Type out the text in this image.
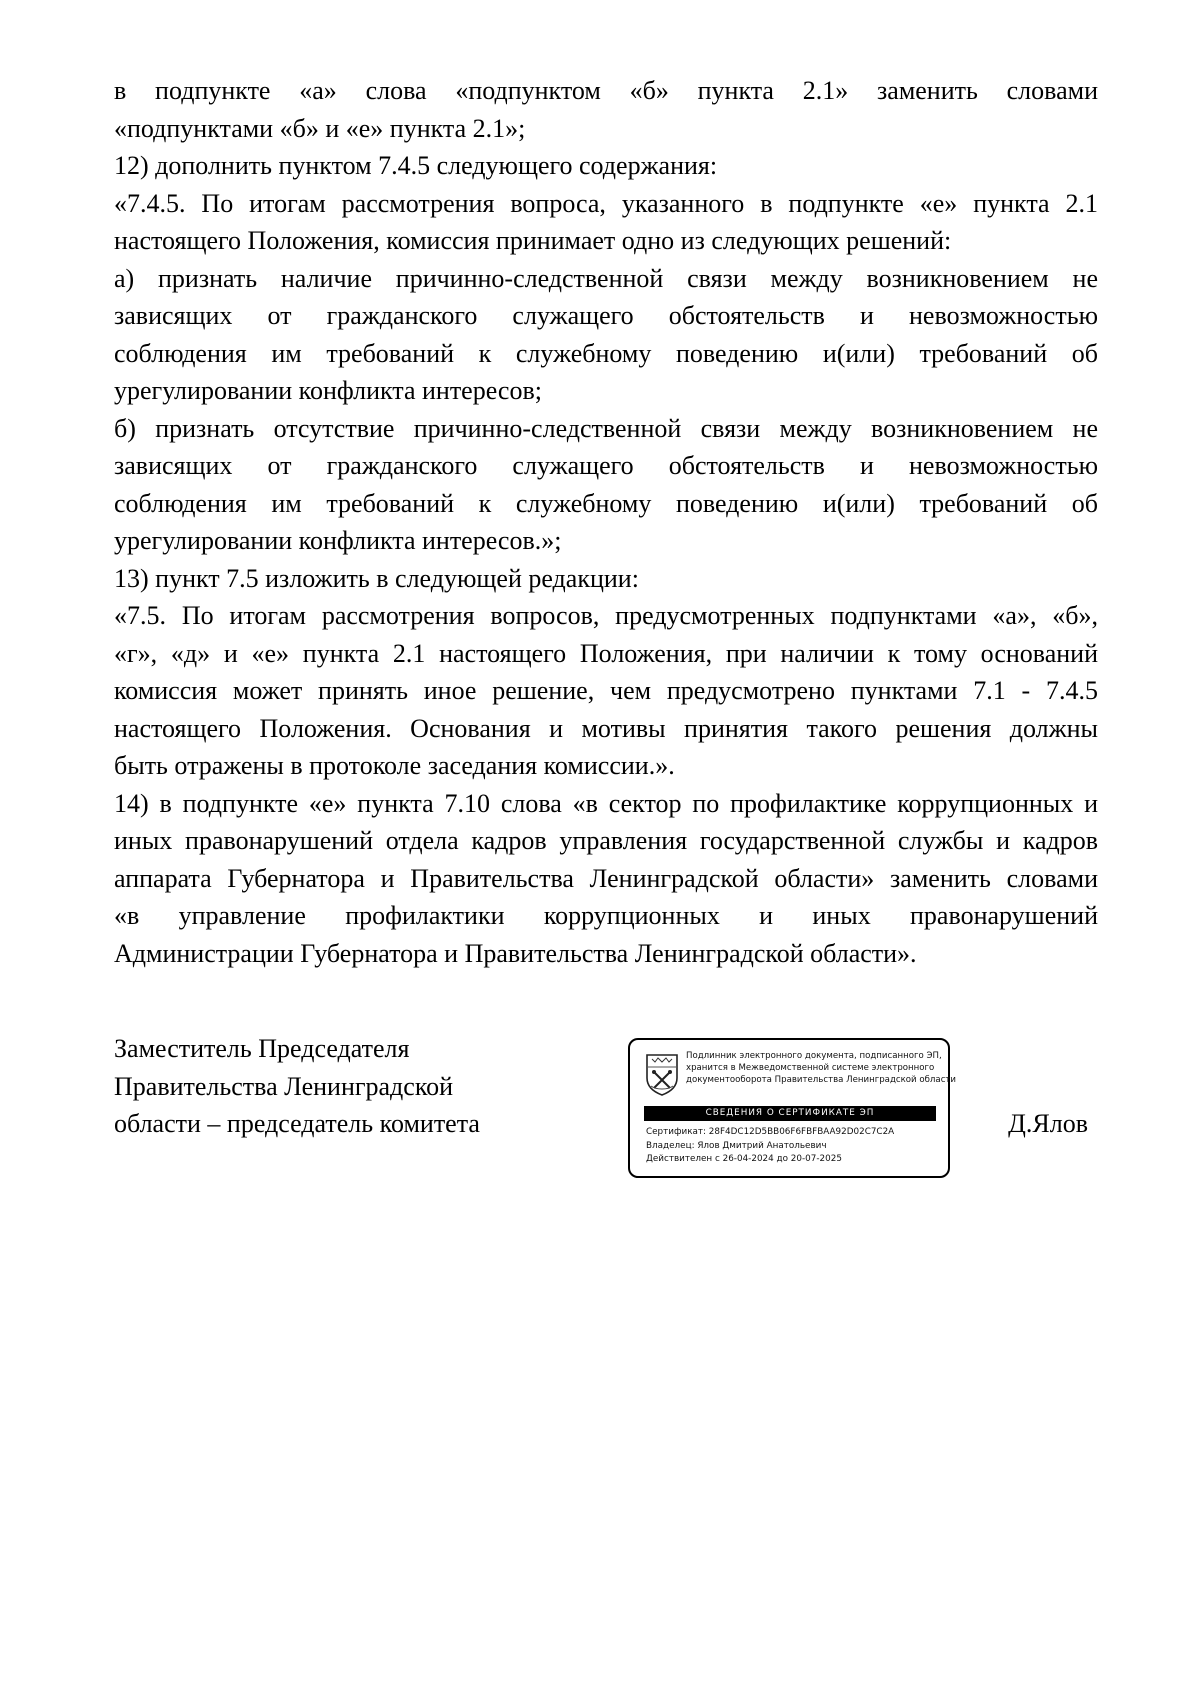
в подпункте «а» слова «подпунктом «б» пункта 2.1» заменить словами

«подпунктами «б» и «е» пункта 2.1»;

12) дополнить пунктом 7.4.5 следующего содержания:

«7.4.5. По итогам рассмотрения вопроса, указанного в подпункте «е» пункта 2.1

настоящего Положения, комиссия принимает одно из следующих решений:

а) признать наличие причинно-следственной связи между возникновением не

зависящих от гражданского служащего обстоятельств и невозможностью

соблюдения им требований к служебному поведению и(или) требований об

урегулировании конфликта интересов;

б) признать отсутствие причинно-следственной связи между возникновением не

зависящих от гражданского служащего обстоятельств и невозможностью

соблюдения им требований к служебному поведению и(или) требований об

урегулировании конфликта интересов.»;

13) пункт 7.5 изложить в следующей редакции:

«7.5. По итогам рассмотрения вопросов, предусмотренных подпунктами «а», «б»,

«г», «д» и «е» пункта 2.1 настоящего Положения, при наличии к тому оснований

комиссия может принять иное решение, чем предусмотрено пунктами 7.1 - 7.4.5

настоящего Положения. Основания и мотивы принятия такого решения должны

быть отражены в протоколе заседания комиссии.».

14) в подпункте «е» пункта 7.10 слова «в сектор по профилактике коррупционных и

иных правонарушений отдела кадров управления государственной службы и кадров

аппарата Губернатора и Правительства Ленинградской области» заменить словами

«в управление профилактики коррупционных и иных правонарушений

Администрации Губернатора и Правительства Ленинградской области».

Заместитель Председателя
Правительства Ленинградской
области – председатель комитета
Подлинник электронного документа, подписанного ЭП,
хранится в Межведомственной системе электронного
документооборота Правительства Ленинградской области
СВЕДЕНИЯ О СЕРТИФИКАТЕ ЭП
Сертификат: 28F4DC12D5BB06F6FBFBAA92D02C7C2A
Владелец: Ялов Дмитрий Анатольевич
Действителен с 26-04-2024 до 20-07-2025
Д.Ялов
